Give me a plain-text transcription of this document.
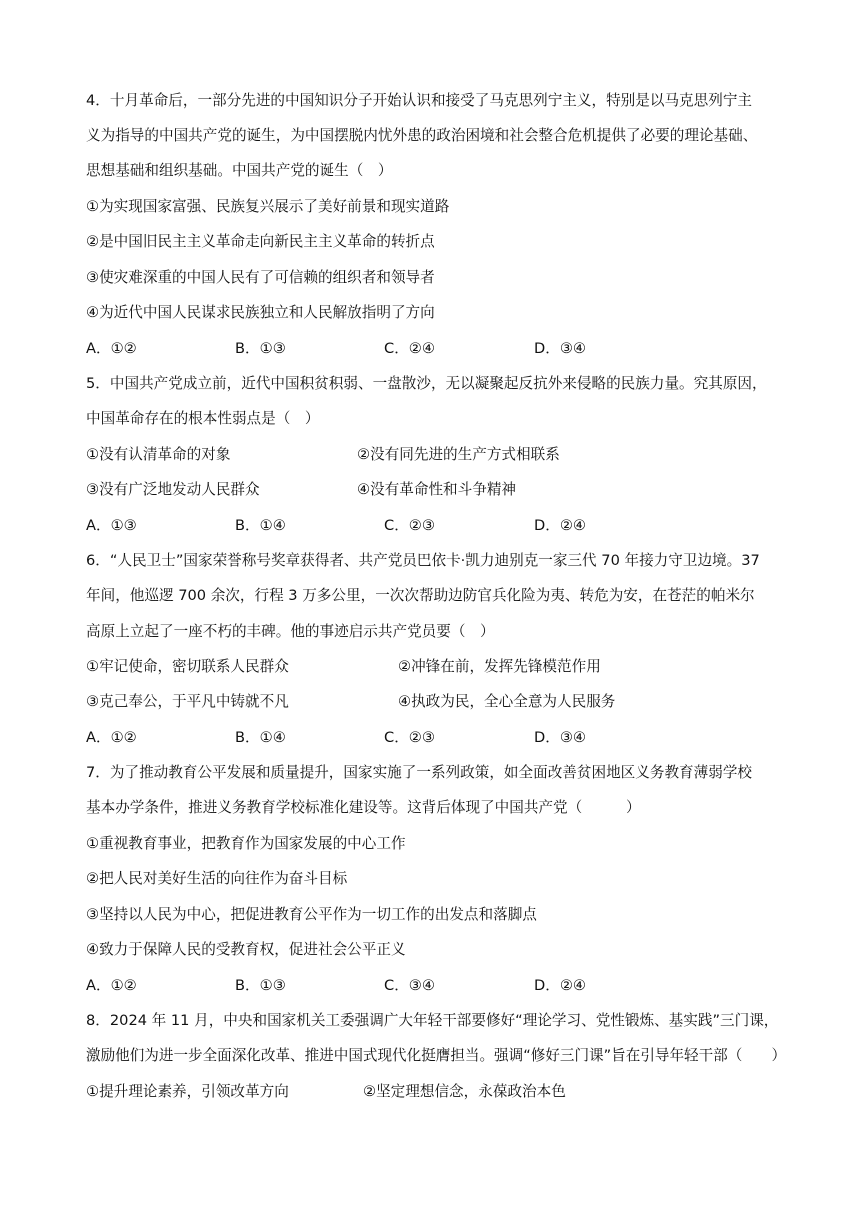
4．十月革命后，一部分先进的中国知识分子开始认识和接受了马克思列宁主义，特别是以马克思列宁主
义为指导的中国共产党的诞生，为中国摆脱内忧外患的政治困境和社会整合危机提供了必要的理论基础、
思想基础和组织基础。中国共产党的诞生（　）
①为实现国家富强、民族复兴展示了美好前景和现实道路
②是中国旧民主主义革命走向新民主主义革命的转折点
③使灾难深重的中国人民有了可信赖的组织者和领导者
④为近代中国人民谋求民族独立和人民解放指明了方向
A．①②	B．①③	C．②④	D．③④
5．中国共产党成立前，近代中国积贫积弱、一盘散沙，无以凝聚起反抗外来侵略的民族力量。究其原因，
中国革命存在的根本性弱点是（　）
①没有认清革命的对象	②没有同先进的生产方式相联系
③没有广泛地发动人民群众	④没有革命性和斗争精神
A．①③	B．①④	C．②③	D．②④
6．“人民卫士”国家荣誉称号奖章获得者、共产党员巴依卡·凯力迪别克一家三代 70 年接力守卫边境。37
年间，他巡逻 700 余次，行程 3 万多公里，一次次帮助边防官兵化险为夷、转危为安，在苍茫的帕米尔
高原上立起了一座不朽的丰碑。他的事迹启示共产党员要（　）
①牢记使命，密切联系人民群众	②冲锋在前，发挥先锋模范作用
③克己奉公，于平凡中铸就不凡	④执政为民，全心全意为人民服务
A．①②	B．①④	C．②③	D．③④
7．为了推动教育公平发展和质量提升，国家实施了一系列政策，如全面改善贫困地区义务教育薄弱学校
基本办学条件，推进义务教育学校标准化建设等。这背后体现了中国共产党（　　　）
①重视教育事业，把教育作为国家发展的中心工作
②把人民对美好生活的向往作为奋斗目标
③坚持以人民为中心，把促进教育公平作为一切工作的出发点和落脚点
④致力于保障人民的受教育权，促进社会公平正义
A．①②	B．①③	C．③④	D．②④
8．2024 年 11 月，中央和国家机关工委强调广大年轻干部要修好“理论学习、党性锻炼、基实践”三门课，
激励他们为进一步全面深化改革、推进中国式现代化挺膺担当。强调“修好三门课”旨在引导年轻干部（　　）
①提升理论素养，引领改革方向	②坚定理想信念，永葆政治本色
